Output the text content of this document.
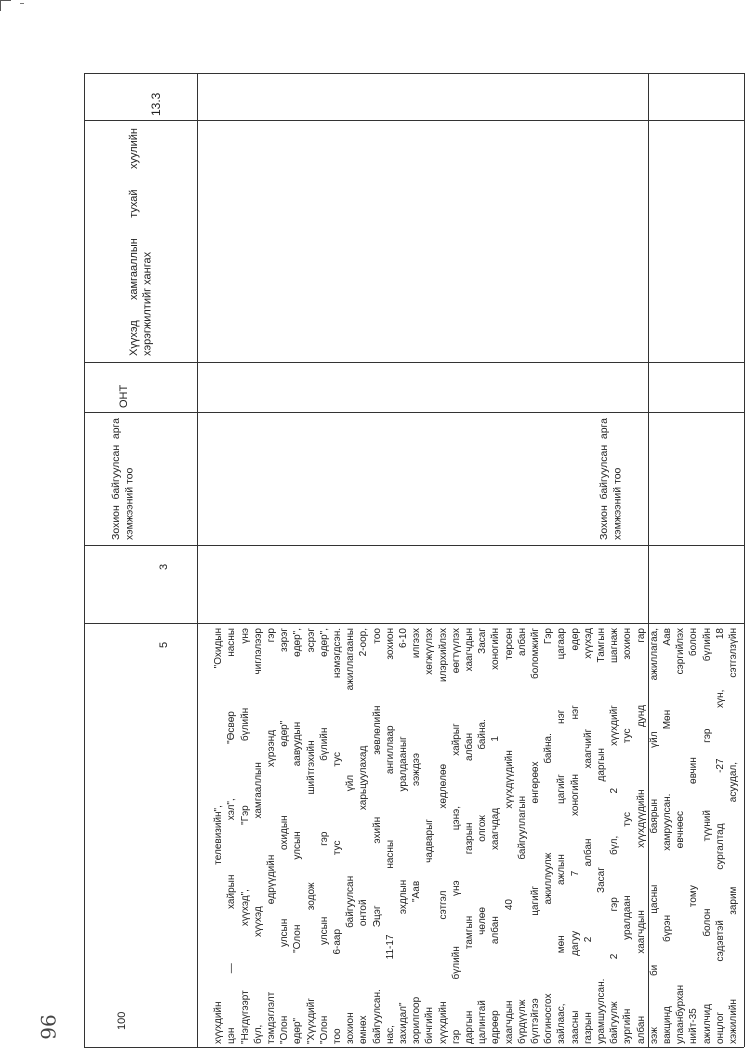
13.3
Хүүхэд хамгааллын тухай хуулийн хэрэгжилтийг хангах
ОНТ
Зохион байгуулсан арга хэмжээний тоо	Зохион байгуулсан арга хэмжээний тоо
3
5
100	хэжилийн зарим асуудал, сэтгэлзүйн
онцлог сэдэвтэй сургалтад -27 хүн, 18
ажилчид болон түүний гэр бүлийн
нийт-35 тому өвчин болон
улаанбурхан өвчнөөс сэргийлэх
вакцинд бүрэн хамруулсан. Мөн Аав
ээж би цасны баярын үйл ажиллагаа,
албан хаагчдын хүүхдүүдийн дунд гар
зургийн уралдаан тус тус зохион
байгуулж 2 гэр бүл, 2 хүүхдийг шагнаж
урамшуулсан. Засаг даргын Тамгын
газрын 2 албан хаагчийг хүүхэд
заасны дагуу 7 хоногийн нэг өдөр
зайлаас, мөн ажлын цагийг нэг цагаар
богиносгох ажиллуулж байна. Гэр
бүлтэйгээ цагийг өнгөрөөх боломжийг
бүрдүүлж байгууллагын албан
хаагчдын 40 хүүхдүүдийн төрсөн
өдрөөр албан хаагчдад 1 хоногийн
цалинтай чөлөө олгож байна. Засаг
даргын тамгын газрын албан хаагчдын
гэр бүлийн үнэ цэнэ, хайрыг өөгтүүлэх
хүүхдийн сэтгэл хөдлөлөө илэрхийлэх
бичгийн чадварыг хөгжүүлэх
зорилгоор "Аав ээждээ илгээх
захидал" эхдлын уралдааныг 6-10
нас, 11-17 насны ангиллаар зохион
байгуулсан. Эцэг эхийн зөвлөлийн тоо
өмнөх онтой харьцуулахад 2-оор,
зохион байгуулсан үйл ажиллагааны
тоо 6-аар тус тус нэмэгдсэн.
"Олон улсын гэр бүлийн өдөр",
"Хүүхдийг зодож шийтгэхийн эсрэг
өдөр" "Олон улсын аавуудын өдөр",
"Олон улсын охидын өдөр" зэрэг
тэмдэглэлт өдрүүдийн хүрээнд гэр
бүл, хүүхэд хамгааллын чиглэлээр
"Нэгдүгээрт хүүхэд", "Гэр бүлийн үнэ
цэн — хайрын хэл", "Өсвөр насны
хүүхдийн телевизийн", "Охидын
96
